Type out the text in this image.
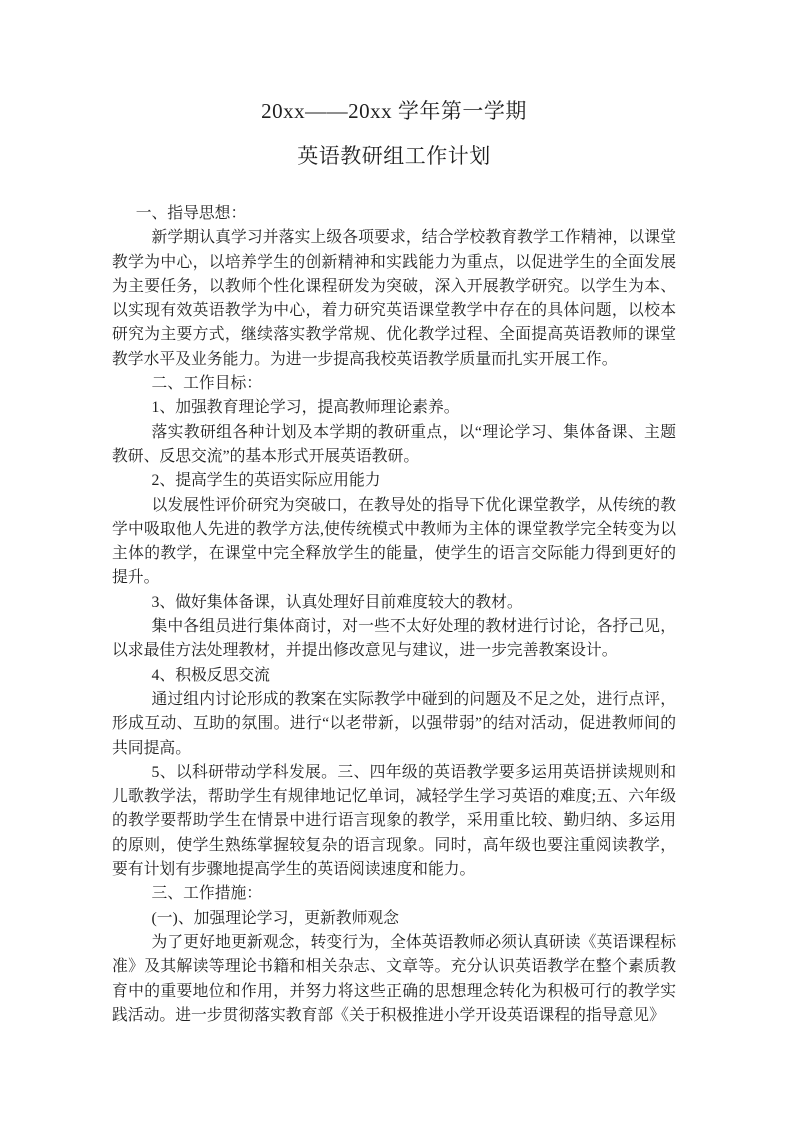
20xx——20xx 学年第一学期
英语教研组工作计划

一、指导思想：

新学期认真学习并落实上级各项要求，结合学校教育教学工作精神，以课堂教学为中心，以培养学生的创新精神和实践能力为重点，以促进学生的全面发展为主要任务，以教师个性化课程研发为突破，深入开展教学研究。以学生为本、以实现有效英语教学为中心，着力研究英语课堂教学中存在的具体问题，以校本研究为主要方式，继续落实教学常规、优化教学过程、全面提高英语教师的课堂教学水平及业务能力。为进一步提高我校英语教学质量而扎实开展工作。

二、工作目标：

1、加强教育理论学习，提高教师理论素养。

落实教研组各种计划及本学期的教研重点，以“理论学习、集体备课、主题教研、反思交流”的基本形式开展英语教研。

2、提高学生的英语实际应用能力

以发展性评价研究为突破口，在教导处的指导下优化课堂教学，从传统的教学中吸取他人先进的教学方法,使传统模式中教师为主体的课堂教学完全转变为以主体的教学，在课堂中完全释放学生的能量，使学生的语言交际能力得到更好的提升。

3、做好集体备课，认真处理好目前难度较大的教材。

集中各组员进行集体商讨，对一些不太好处理的教材进行讨论，各抒己见，以求最佳方法处理教材，并提出修改意见与建议，进一步完善教案设计。

4、积极反思交流

通过组内讨论形成的教案在实际教学中碰到的问题及不足之处，进行点评，形成互动、互助的氛围。进行“以老带新，以强带弱”的结对活动，促进教师间的共同提高。

5、以科研带动学科发展。三、四年级的英语教学要多运用英语拼读规则和儿歌教学法，帮助学生有规律地记忆单词，减轻学生学习英语的难度;五、六年级的教学要帮助学生在情景中进行语言现象的教学，采用重比较、勤归纳、多运用的原则，使学生熟练掌握较复杂的语言现象。同时，高年级也要注重阅读教学，要有计划有步骤地提高学生的英语阅读速度和能力。

三、工作措施：

(一)、加强理论学习，更新教师观念

为了更好地更新观念，转变行为，全体英语教师必须认真研读《英语课程标准》及其解读等理论书籍和相关杂志、文章等。充分认识英语教学在整个素质教育中的重要地位和作用，并努力将这些正确的思想理念转化为积极可行的教学实践活动。进一步贯彻落实教育部《关于积极推进小学开设英语课程的指导意见》
